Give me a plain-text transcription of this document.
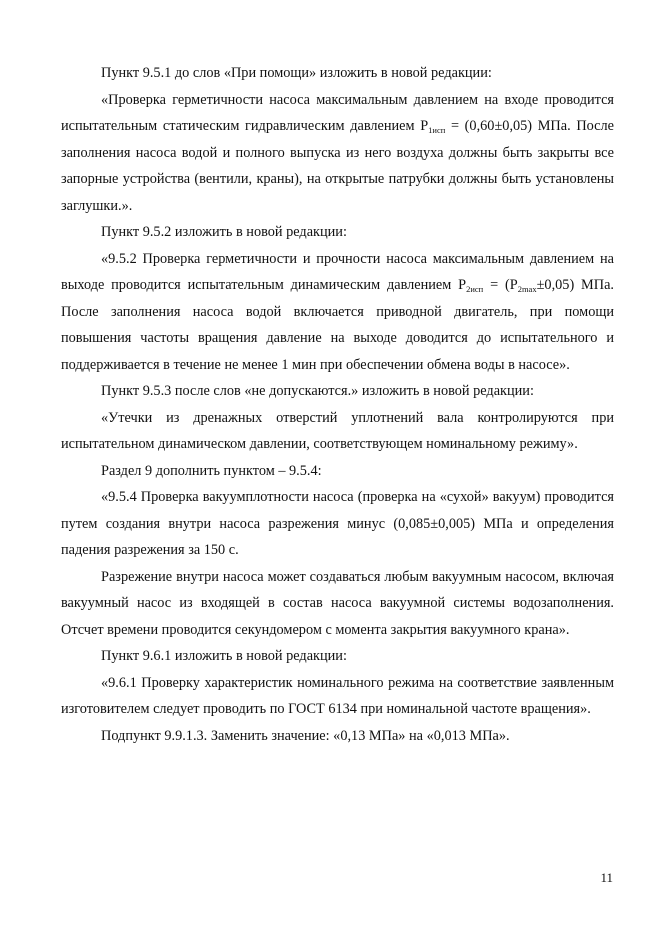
Пункт 9.5.1 до слов «При помощи» изложить в новой редакции:

«Проверка герметичности насоса максимальным давлением на входе проводится испытательным статическим гидравлическим давлением $Р_{1исп} = (0,60\pm 0,05)$ МПа. После заполнения насоса водой и полного выпуска из него воздуха должны быть закрыты все запорные устройства (вентили, краны), на открытые патрубки должны быть установлены заглушки.».

Пункт 9.5.2 изложить в новой редакции:

«9.5.2 Проверка герметичности и прочности насоса максимальным давлением на выходе проводится испытательным динамическим давлением $Р_{2исп} = (Р_{2max}\pm 0,05)$ МПа. После заполнения насоса водой включается приводной двигатель, при помощи повышения частоты вращения давление на выходе доводится до испытательного и поддерживается в течение не менее 1 мин при обеспечении обмена воды в насосе».

Пункт 9.5.3 после слов «не допускаются.» изложить в новой редакции:

«Утечки из дренажных отверстий уплотнений вала контролируются при испытательном динамическом давлении, соответствующем номинальному режиму».

Раздел 9 дополнить пунктом – 9.5.4:

«9.5.4 Проверка вакуумплотности насоса (проверка на «сухой» вакуум) проводится путем создания внутри насоса разрежения минус (0,085±0,005) МПа и определения падения разрежения за 150 с.

Разрежение внутри насоса может создаваться любым вакуумным насосом, включая вакуумный насос из входящей в состав насоса вакуумной системы водозаполнения. Отсчет времени проводится секундомером с момента закрытия вакуумного крана».

Пункт 9.6.1 изложить в новой редакции:

«9.6.1 Проверку характеристик номинального режима на соответствие заявленным изготовителем следует проводить по ГОСТ 6134 при номинальной частоте вращения».

Подпункт 9.9.1.3. Заменить значение: «0,13 МПа» на «0,013 МПа».

11
